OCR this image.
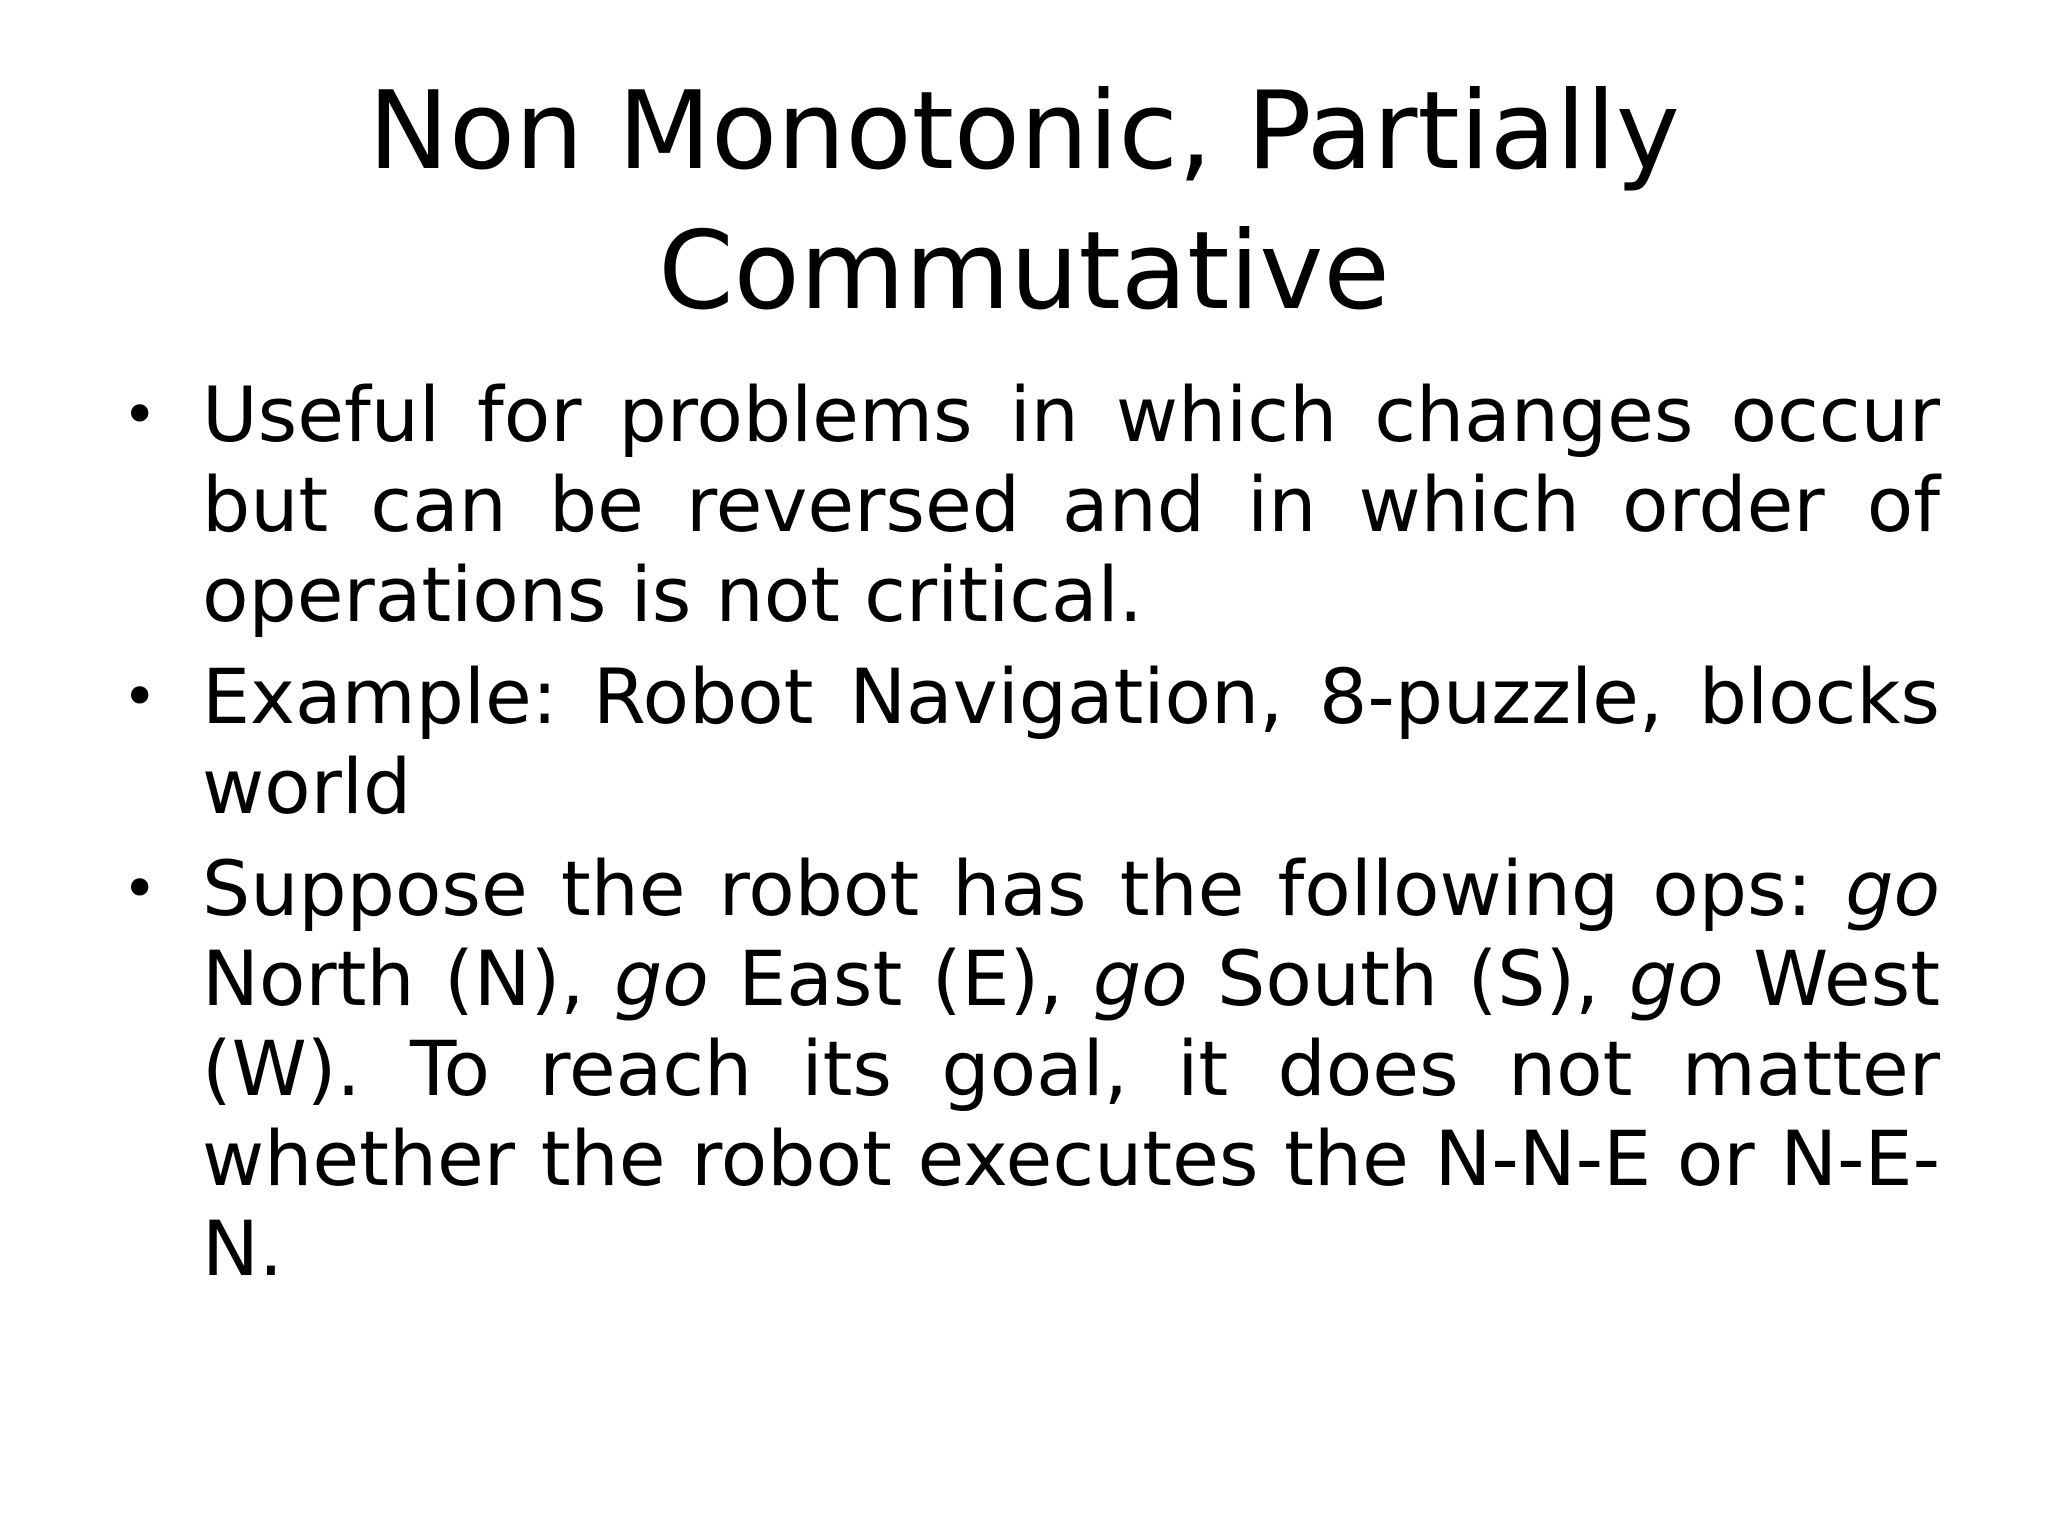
Non Monotonic, Partially
Commutative
• Useful for problems in which changes occur but can be reversed and in which order of operations is not critical.
• Example: Robot Navigation, 8-puzzle, blocks world
• Suppose the robot has the following ops: go North (N), go East (E), go South (S), go West (W). To reach its goal, it does not matter whether the robot executes the N-N-E or N-E-N.
